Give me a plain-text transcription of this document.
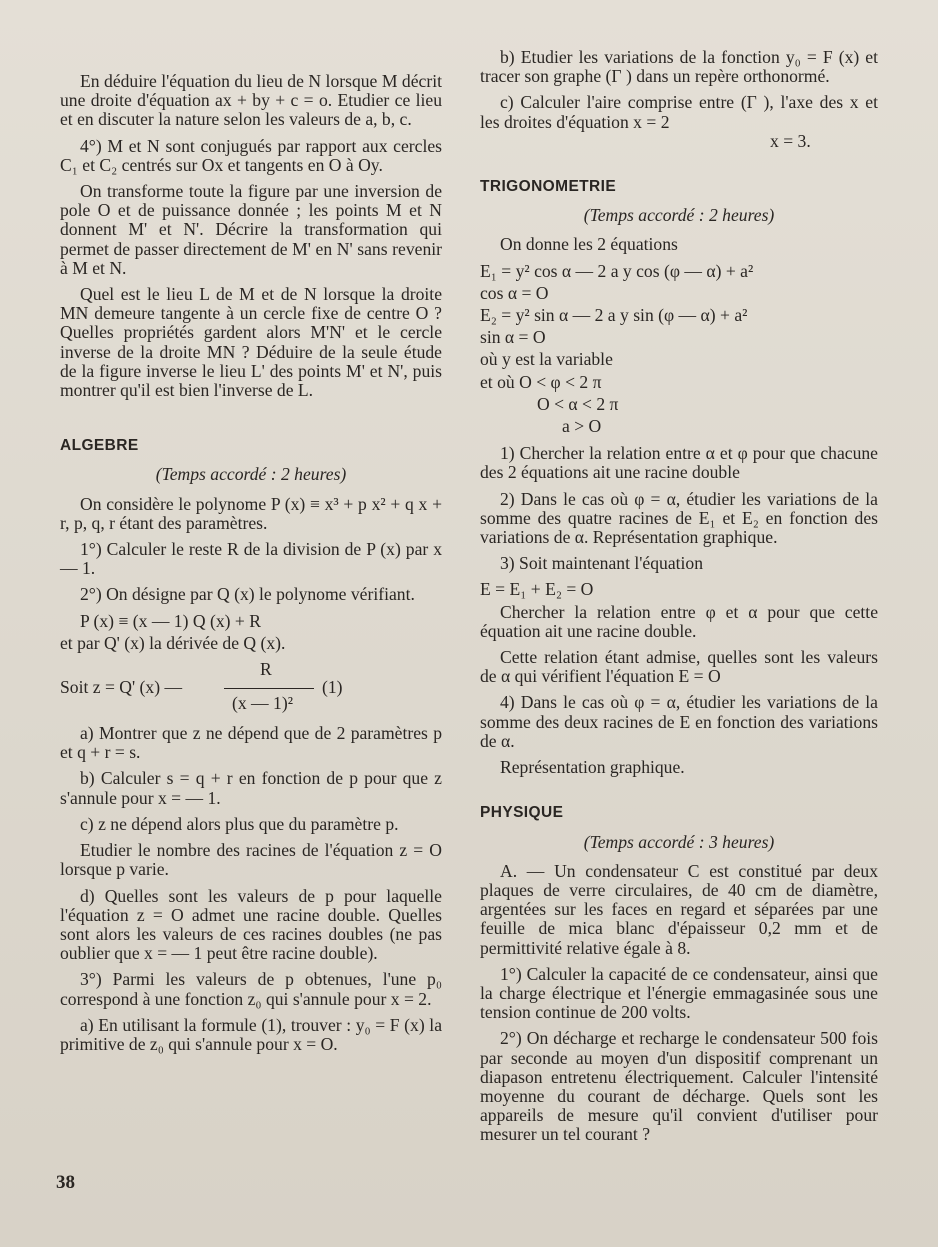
En déduire l'équation du lieu de N lorsque M décrit une droite d'équation ax + by + c = o. Etudier ce lieu et en discuter la nature selon les valeurs de a, b, c.

4°) M et N sont conjugués par rapport aux cercles C₁ et C₂ centrés sur Ox et tangents en O à Oy.

On transforme toute la figure par une inversion de pole O et de puissance donnée ; les points M et N donnent M' et N'. Décrire la transformation qui permet de passer directement de M' en N' sans revenir à M et N.

Quel est le lieu L de M et de N lorsque la droite MN demeure tangente à un cercle fixe de centre O ? Quelles propriétés gardent alors M'N' et le cercle inverse de la droite MN ? Déduire de la seule étude de la figure inverse le lieu L' des points M' et N', puis montrer qu'il est bien l'inverse de L.

ALGEBRE
(Temps accordé : 2 heures)

On considère le polynome P (x) ≡ x³ + p x² + q x + r, p, q, r étant des paramètres.

1°) Calculer le reste R de la division de P (x) par x — 1.

2°) On désigne par Q (x) le polynome vérifiant.

P (x) ≡ (x — 1) Q (x) + R

et par Q' (x) la dérivée de Q (x).

Soit z = Q' (x) —
R
(x — 1)²
(1)

a) Montrer que z ne dépend que de 2 paramètres p et q + r = s.

b) Calculer s = q + r en fonction de p pour que z s'annule pour x = — 1.

c) z ne dépend alors plus que du paramètre p.

Etudier le nombre des racines de l'équation z = O lorsque p varie.

d) Quelles sont les valeurs de p pour laquelle l'équation z = O admet une racine double. Quelles sont alors les valeurs de ces racines doubles (ne pas oublier que x = — 1 peut être racine double).

3°) Parmi les valeurs de p obtenues, l'une p₀ correspond à une fonction z₀ qui s'annule pour x = 2.

a) En utilisant la formule (1), trouver : y₀ = F (x) la primitive de z₀ qui s'annule pour x = O.

b) Etudier les variations de la fonction y₀ = F (x) et tracer son graphe (Γ ) dans un repère orthonormé.

c) Calculer l'aire comprise entre (Γ ), l'axe des x et les droites d'équation x = 2

x = 3.

TRIGONOMETRIE
(Temps accordé : 2 heures)

On donne les 2 équations

E₁ = y² cos α — 2 a y cos (φ — α) + a²

cos α = O

E₂ = y² sin α — 2 a y sin (φ — α) + a²

sin α = O

où y est la variable

et où O < φ < 2 π

O < α < 2 π

a > O

1) Chercher la relation entre α et φ pour que chacune des 2 équations ait une racine double

2) Dans le cas où φ = α, étudier les variations de la somme des quatre racines de E₁ et E₂ en fonction des variations de α. Représentation graphique.

3) Soit maintenant l'équation

E = E₁ + E₂ = O

Chercher la relation entre φ et α pour que cette équation ait une racine double.

Cette relation étant admise, quelles sont les valeurs de α qui vérifient l'équation E = O

4) Dans le cas où φ = α, étudier les variations de la somme des deux racines de E en fonction des variations de α.

Représentation graphique.

PHYSIQUE
(Temps accordé : 3 heures)

A. — Un condensateur C est constitué par deux plaques de verre circulaires, de 40 cm de diamètre, argentées sur les faces en regard et séparées par une feuille de mica blanc d'épaisseur 0,2 mm et de permittivité relative égale à 8.

1°) Calculer la capacité de ce condensateur, ainsi que la charge électrique et l'énergie emmagasinée sous une tension continue de 200 volts.

2°) On décharge et recharge le condensateur 500 fois par seconde au moyen d'un dispositif comprenant un diapason entretenu électriquement. Calculer l'intensité moyenne du courant de décharge. Quels sont les appareils de mesure qu'il convient d'utiliser pour mesurer un tel courant ?

38
